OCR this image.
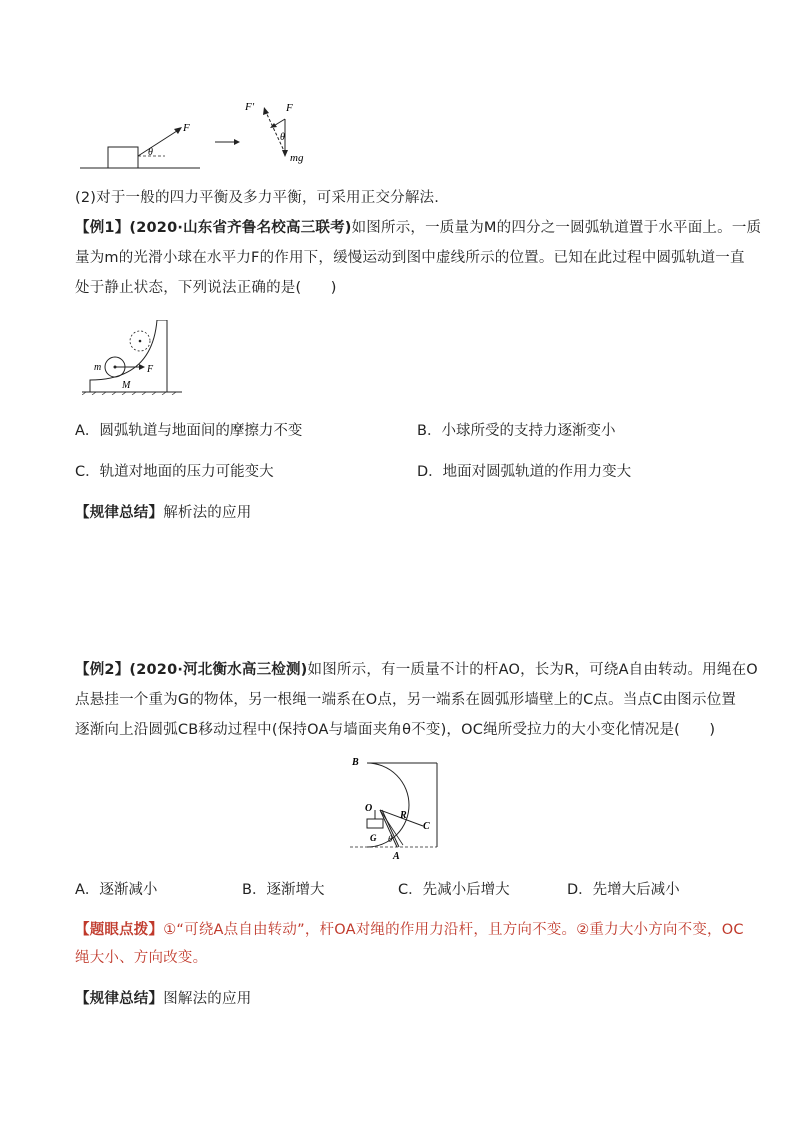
F
θ
F′	F
θ
mg
(2)对于一般的四力平衡及多力平衡，可采用正交分解法.
【例1】(2020·山东省齐鲁名校高三联考)如图所示，一质量为M的四分之一圆弧轨道置于水平面上。一质
量为m的光滑小球在水平力F的作用下，缓慢运动到图中虚线所示的位置。已知在此过程中圆弧轨道一直
处于静止状态，下列说法正确的是(　　)
m	F
M
A．圆弧轨道与地面间的摩擦力不变	B．小球所受的支持力逐渐变小
C．轨道对地面的压力可能变大	D．地面对圆弧轨道的作用力变大
【规律总结】解析法的应用
【例2】(2020·河北衡水高三检测)如图所示，有一质量不计的杆AO，长为R，可绕A自由转动。用绳在O
点悬挂一个重为G的物体，另一根绳一端系在O点，另一端系在圆弧形墙壁上的C点。当点C由图示位置
逐渐向上沿圆弧CB移动过程中(保持OA与墙面夹角θ不变)，OC绳所受拉力的大小变化情况是(　　)
B
O
R
C
G θ
A
A．逐渐减小	B．逐渐增大	C．先减小后增大	D．先增大后减小
【题眼点拨】①“可绕A点自由转动”，杆OA对绳的作用力沿杆，且方向不变。②重力大小方向不变，OC
绳大小、方向改变。
【规律总结】图解法的应用
